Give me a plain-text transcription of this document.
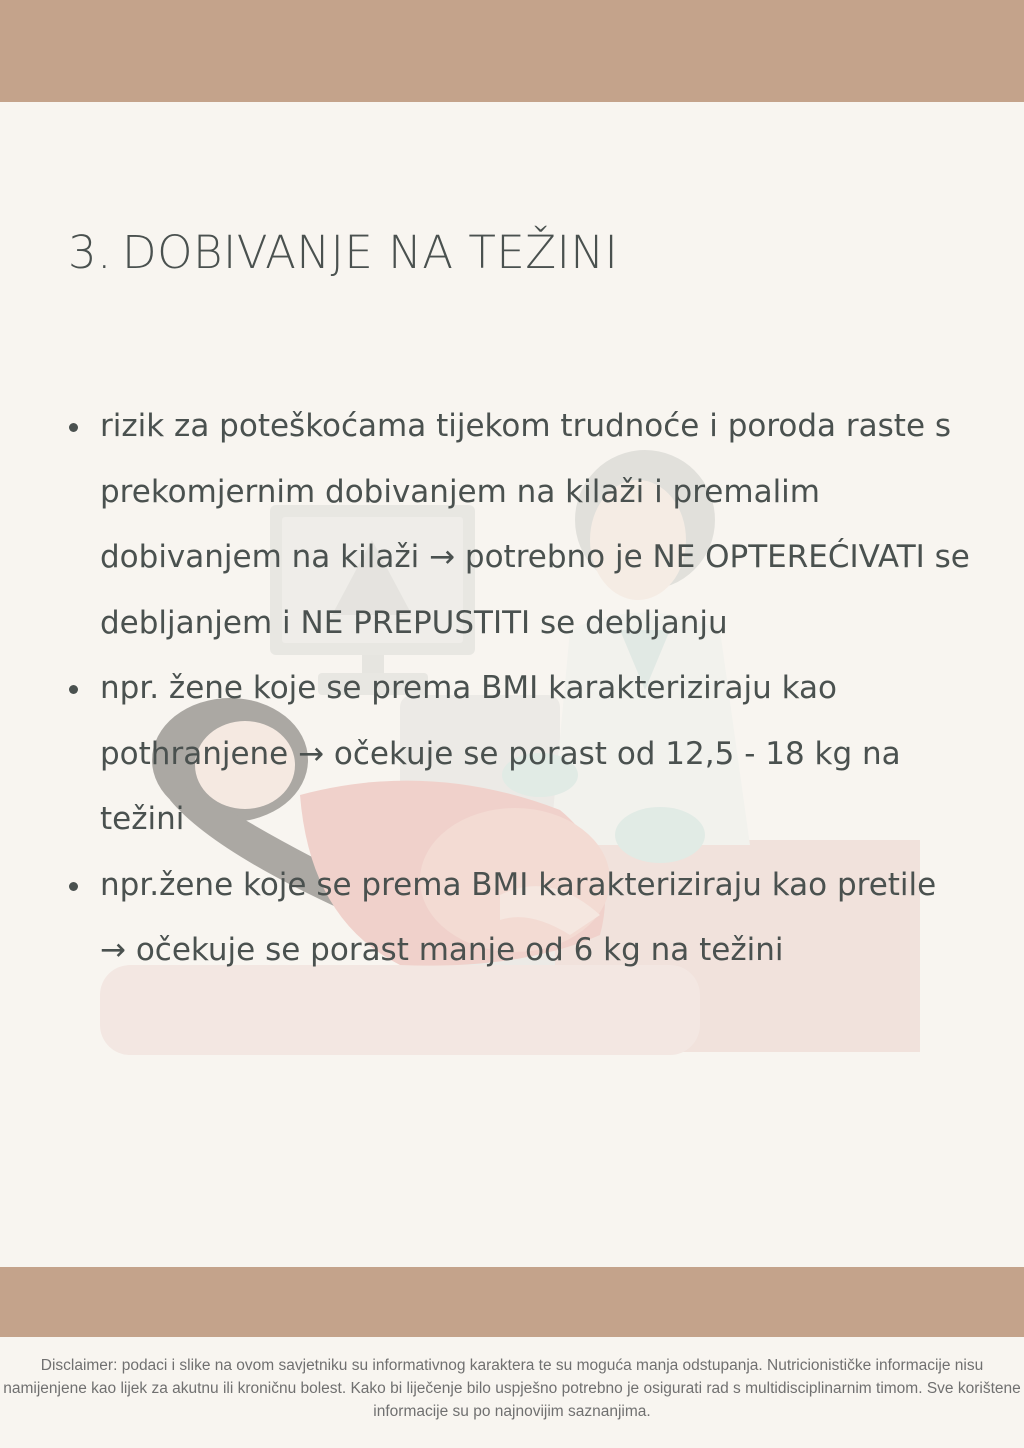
3. DOBIVANJE NA TEŽINI
rizik za poteškoćama tijekom trudnoće i poroda raste s prekomjernim dobivanjem na kilaži i premalim dobivanjem na kilaži → potrebno je NE OPTEREĆIVATI se debljanjem i NE PREPUSTITI se debljanju
npr. žene koje se prema BMI karakteriziraju kao pothranjene → očekuje se porast od 12,5 - 18 kg na težini
npr.žene koje se prema BMI karakteriziraju kao pretile → očekuje se porast manje od 6 kg na težini

Disclaimer: podaci i slike na ovom savjetniku su informativnog karaktera te su moguća manja odstupanja. Nutricionističke informacije nisu namijenjene kao lijek za akutnu ili kroničnu bolest. Kako bi liječenje bilo uspješno potrebno je osigurati rad s multidisciplinarnim timom. Sve korištene informacije su po najnovijim saznanjima.
